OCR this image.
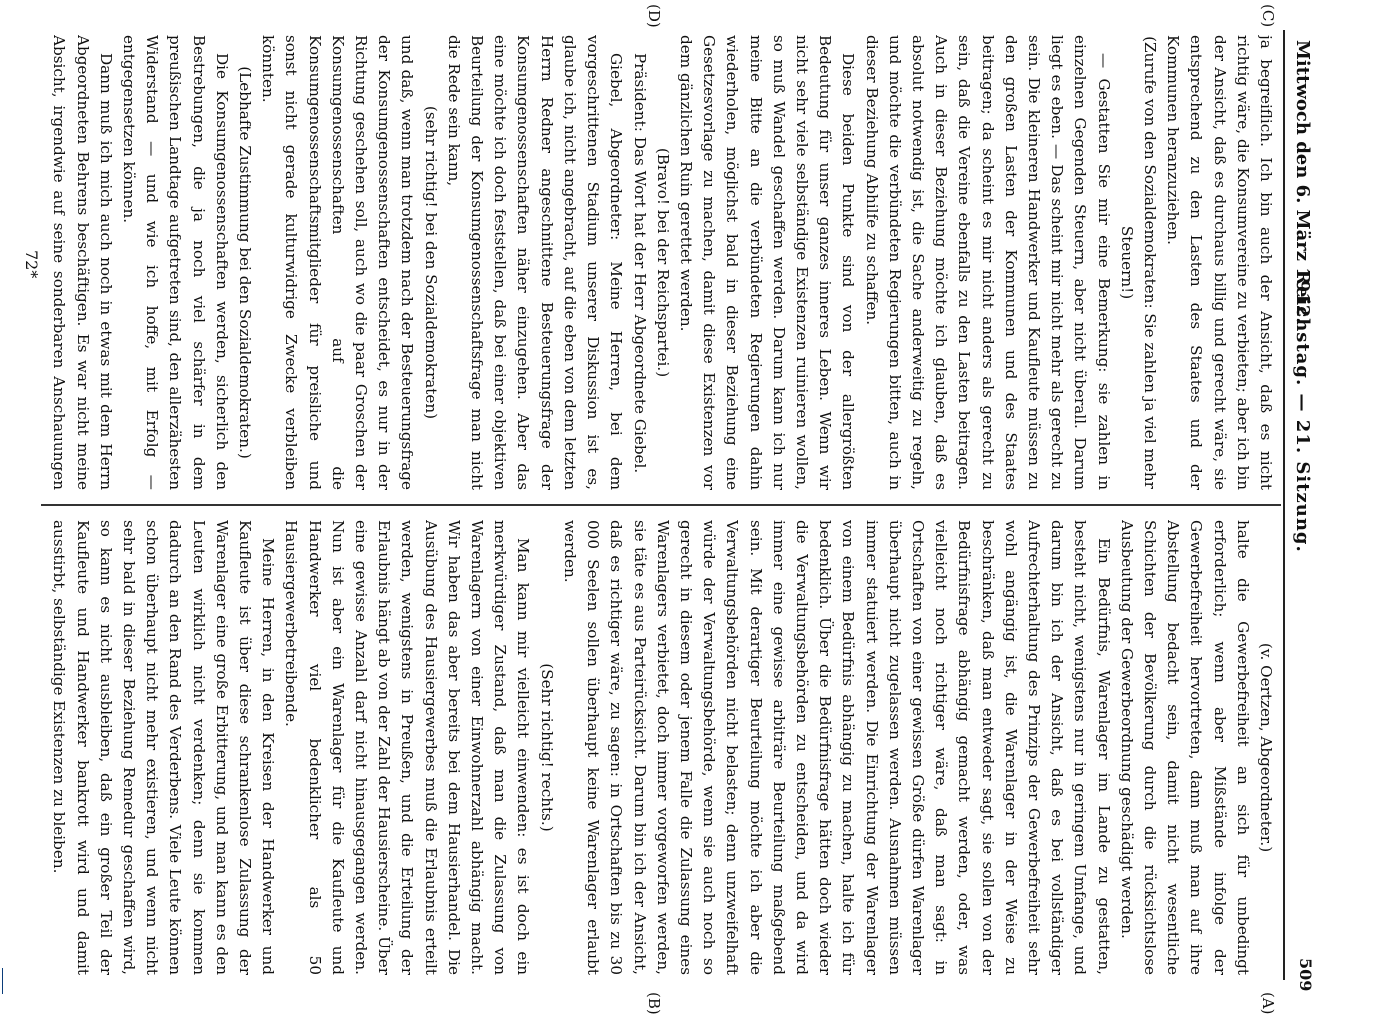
Reichstag. — 21. Sitzung.
Mittwoch den 6. März 1912.
509
(A)
(B)
(C)
(D)

(v. Oertzen, Abgeordneter.)

halte die Gewerbefreiheit an sich für unbedingt erforderlich; wenn aber Mißstände infolge der Gewerbefreiheit hervortreten, dann muß man auf ihre Abstellung bedacht sein, damit nicht wesentliche Schichten der Bevölkerung durch die rücksichtslose Ausbeutung der Gewerbeordnung geschädigt werden.

Ein Bedürfnis, Warenlager im Lande zu gestatten, besteht nicht, wenigstens nur in geringem Umfange, und darum bin ich der Ansicht, daß es bei vollständiger Aufrechterhaltung des Prinzips der Gewerbefreiheit sehr wohl angängig ist, die Warenlager in der Weise zu beschränken, daß man entweder sagt, sie sollen von der Bedürfnisfrage abhängig gemacht werden, oder, was vielleicht noch richtiger wäre, daß man sagt: in Ortschaften von einer gewissen Größe dürfen Warenlager überhaupt nicht zugelassen werden. Ausnahmen müssen immer statuiert werden. Die Einrichtung der Warenlager von einem Bedürfnis abhängig zu machen, halte ich für bedenklich. Über die Bedürfnisfrage hätten doch wieder die Verwaltungsbehörden zu entscheiden, und da wird immer eine gewisse arbiträre Beurteilung maßgebend sein. Mit derartiger Beurteilung möchte ich aber die Verwaltungsbehörden nicht belasten; denn unzweifelhaft würde der Verwaltungsbehörde, wenn sie auch noch so gerecht in diesem oder jenem Falle die Zulassung eines Warenlagers verbietet, doch immer vorgeworfen werden, sie täte es aus Parteirücksicht. Darum bin ich der Ansicht, daß es richtiger wäre, zu sagen: in Ortschaften bis zu 30 000 Seelen sollen überhaupt keine Warenlager erlaubt werden.

(Sehr richtig! rechts.)

Man kann mir vielleicht einwenden: es ist doch ein merkwürdiger Zustand, daß man die Zulassung von Warenlagern von einer Einwohnerzahl abhängig macht. Wir haben das aber bereits bei dem Hausierhandel. Die Ausübung des Hausiergewerbes muß die Erlaubnis erteilt werden, wenigstens in Preußen, und die Erteilung der Erlaubnis hängt ab von der Zahl der Hausierscheine. Über eine gewisse Anzahl darf nicht hinausgegangen werden. Nun ist aber ein Warenlager für die Kaufleute und Handwerker viel bedenklicher als 50 Hausiergewerbetreibende.

Meine Herren, in den Kreisen der Handwerker und Kaufleute ist über diese schrankenlose Zulassung der Warenlager eine große Erbitterung, und man kann es den Leuten wirklich nicht verdenken; denn sie kommen dadurch an den Rand des Verderbens. Viele Leute können schon überhaupt nicht mehr existieren, und wenn nicht sehr bald in dieser Beziehung Remedur geschaffen wird, so kann es nicht ausbleiben, daß ein großer Teil der Kaufleute und Handwerker bankrott wird und damit ausstirbt, selbständige Existenzen zu bleiben.

ja begreiflich. Ich bin auch der Ansicht, daß es nicht richtig wäre, die Konsumvereine zu verbieten; aber ich bin der Ansicht, daß es durchaus billig und gerecht wäre, sie entsprechend zu den Lasten des Staates und der Kommunen heranzuziehen.

(Zurufe von den Sozialdemokraten: Sie zahlen ja viel mehr Steuern!)

— Gestatten Sie mir eine Bemerkung: sie zahlen in einzelnen Gegenden Steuern, aber nicht überall. Darum liegt es eben. — Das scheint mir nicht mehr als gerecht zu sein. Die kleineren Handwerker und Kaufleute müssen zu den großen Lasten der Kommunen und des Staates beitragen; da scheint es mir nicht anders als gerecht zu sein, daß die Vereine ebenfalls zu den Lasten beitragen. Auch in dieser Beziehung möchte ich glauben, daß es absolut notwendig ist, die Sache anderweitig zu regeln, und möchte die verbündeten Regierungen bitten, auch in dieser Beziehung Abhilfe zu schaffen.

Diese beiden Punkte sind von der allergrößten Bedeutung für unser ganzes inneres Leben. Wenn wir nicht sehr viele selbständige Existenzen ruinieren wollen, so muß Wandel geschaffen werden. Darum kann ich nur meine Bitte an die verbündeten Regierungen dahin wiederholen, möglichst bald in dieser Beziehung eine Gesetzesvorlage zu machen, damit diese Existenzen vor dem gänzlichen Ruin gerettet werden.

(Bravo! bei der Reichspartei.)

Präsident: Das Wort hat der Herr Abgeordnete Giebel.

Giebel, Abgeordneter: Meine Herren, bei dem vorgeschrittenen Stadium unserer Diskussion ist es, glaube ich, nicht angebracht, auf die eben von dem letzten Herrn Redner angeschnittene Besteuerungsfrage der Konsumgenossenschaften näher einzugehen. Aber das eine möchte ich doch feststellen, daß bei einer objektiven Beurteilung der Konsumgenossenschaftsfrage man nicht die Rede sein kann,

(sehr richtig! bei den Sozialdemokraten)

und daß, wenn man trotzdem nach der Besteuerungsfrage der Konsumgenossenschaften entscheidet, es nur in der Richtung geschehen soll, auch wo die paar Groschen der Konsumgenossenschaften auf die Konsumgenossenschaftsmitglieder für preisliche und sonst nicht gerade kulturwidrige Zwecke verbleiben könnten.

(Lebhafte Zustimmung bei den Sozialdemokraten.)

Die Konsumgenossenschaften werden, sicherlich den Bestrebungen, die ja noch viel schärfer in dem preußischen Landtage aufgetreten sind, den allerzähesten Widerstand — und wie ich hoffe, mit Erfolg — entgegensetzen können.

Dann muß ich mich auch noch in etwas mit dem Herrn Abgeordneten Behrens beschäftigen. Es war nicht meine Absicht, irgendwie auf seine sonderbaren Anschauungen

72*
